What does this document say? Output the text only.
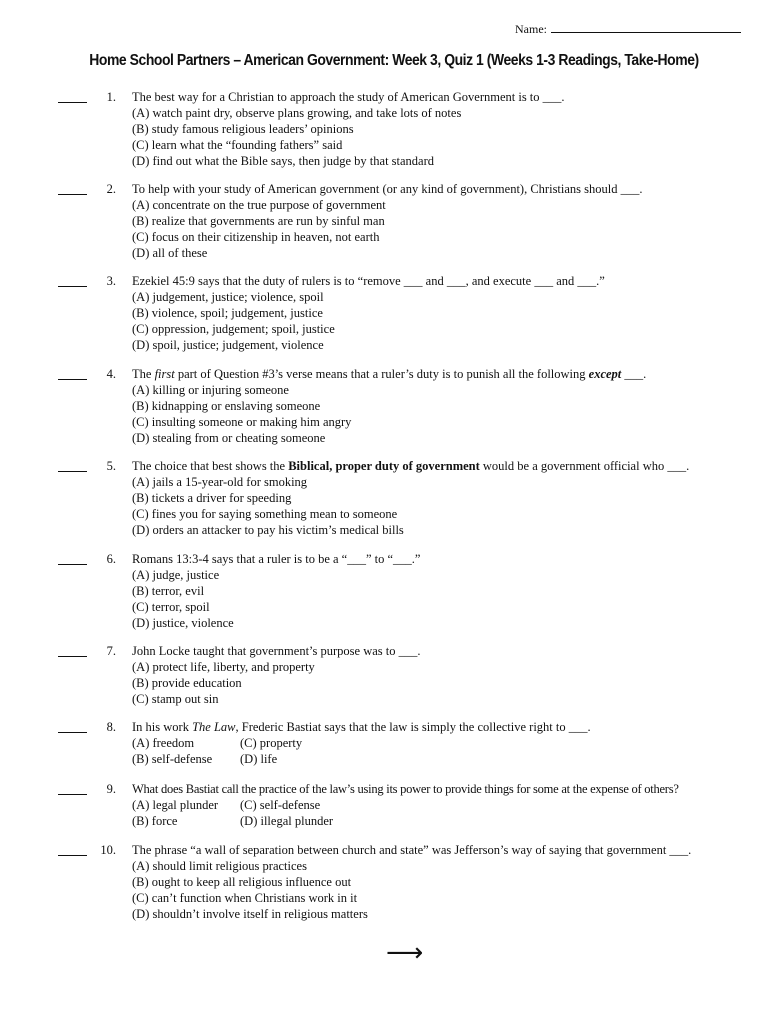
Name:
Home School Partners – American Government: Week 3, Quiz 1 (Weeks 1-3 Readings, Take-Home)
1. The best way for a Christian to approach the study of American Government is to ___.
(A) watch paint dry, observe plans growing, and take lots of notes
(B) study famous religious leaders’ opinions
(C) learn what the “founding fathers” said
(D) find out what the Bible says, then judge by that standard
2. To help with your study of American government (or any kind of government), Christians should ___.
(A) concentrate on the true purpose of government
(B) realize that governments are run by sinful man
(C) focus on their citizenship in heaven, not earth
(D) all of these
3. Ezekiel 45:9 says that the duty of rulers is to “remove ___ and ___, and execute ___ and ___.”
(A) judgement, justice; violence, spoil
(B) violence, spoil; judgement, justice
(C) oppression, judgement; spoil, justice
(D) spoil, justice; judgement, violence
4. The first part of Question #3’s verse means that a ruler’s duty is to punish all the following except ___.
(A) killing or injuring someone
(B) kidnapping or enslaving someone
(C) insulting someone or making him angry
(D) stealing from or cheating someone
5. The choice that best shows the Biblical, proper duty of government would be a government official who ___.
(A) jails a 15-year-old for smoking
(B) tickets a driver for speeding
(C) fines you for saying something mean to someone
(D) orders an attacker to pay his victim’s medical bills
6. Romans 13:3-4 says that a ruler is to be a “___” to “___.”
(A) judge, justice
(B) terror, evil
(C) terror, spoil
(D) justice, violence
7. John Locke taught that government’s purpose was to ___.
(A) protect life, liberty, and property
(B) provide education
(C) stamp out sin
8. In his work The Law, Frederic Bastiat says that the law is simply the collective right to ___.
(A) freedom	(C) property
(B) self-defense	(D) life
9. What does Bastiat call the practice of the law’s using its power to provide things for some at the expense of others?
(A) legal plunder	(C) self-defense
(B) force	(D) illegal plunder
10. The phrase “a wall of separation between church and state” was Jefferson’s way of saying that government ___.
(A) should limit religious practices
(B) ought to keep all religious influence out
(C) can’t function when Christians work in it
(D) shouldn’t involve itself in religious matters
⟶
